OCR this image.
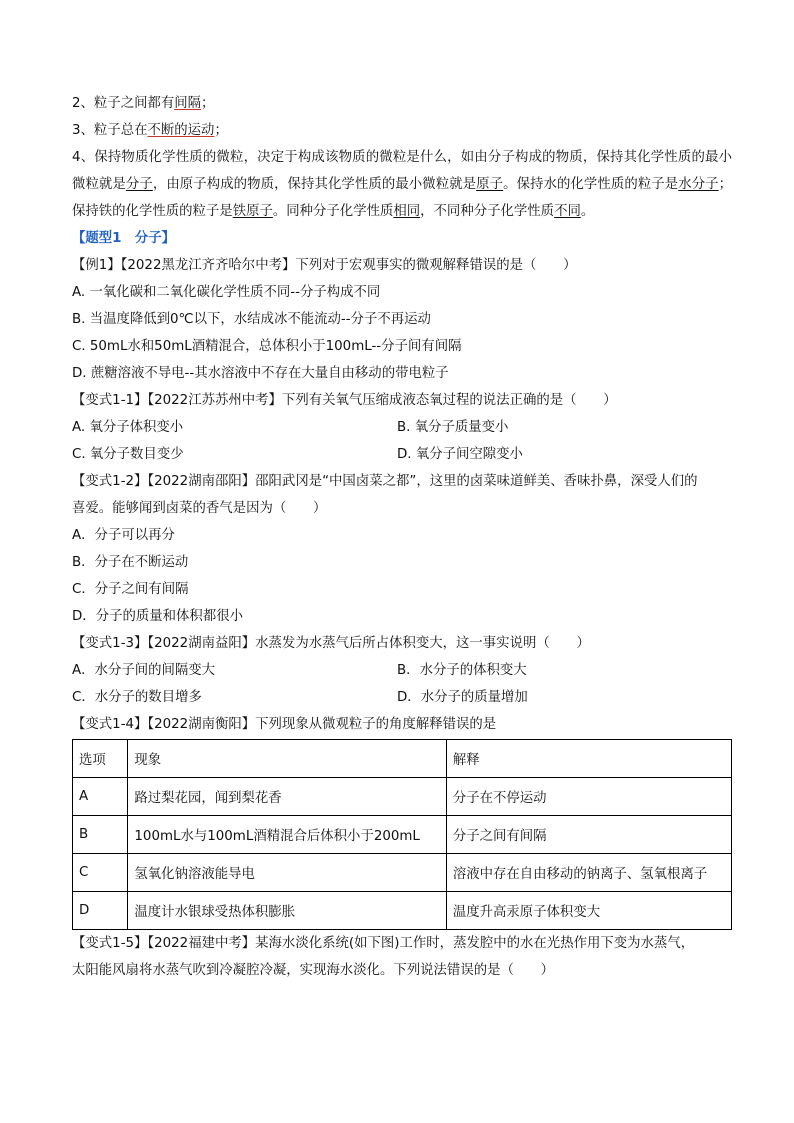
2、粒子之间都有间隔；
3、粒子总在不断的运动；
4、保持物质化学性质的微粒，决定于构成该物质的微粒是什么，如由分子构成的物质，保持其化学性质的最小微粒就是分子，由原子构成的物质，保持其化学性质的最小微粒就是原子。保持水的化学性质的粒子是水分子；保持铁的化学性质的粒子是铁原子。同种分子化学性质相同，不同种分子化学性质不同。
【题型1　分子】
【例1】【2022黑龙江齐齐哈尔中考】下列对于宏观事实的微观解释错误的是（　　）
A. 一氧化碳和二氧化碳化学性质不同--分子构成不同
B. 当温度降低到0℃以下，水结成冰不能流动--分子不再运动
C. 50mL水和50mL酒精混合，总体积小于100mL--分子间有间隔
D. 蔗糖溶液不导电--其水溶液中不存在大量自由移动的带电粒子
【变式1-1】【2022江苏苏州中考】下列有关氧气压缩成液态氧过程的说法正确的是（　　）
A. 氧分子体积变小	B. 氧分子质量变小
C. 氧分子数目变少	D. 氧分子间空隙变小
【变式1-2】【2022湖南邵阳】邵阳武冈是“中国卤菜之都”，这里的卤菜味道鲜美、香味扑鼻，深受人们的
喜爱。能够闻到卤菜的香气是因为（　　）
A．分子可以再分
B．分子在不断运动
C．分子之间有间隔
D．分子的质量和体积都很小
【变式1-3】【2022湖南益阳】水蒸发为水蒸气后所占体积变大，这一事实说明（　　）
A．水分子间的间隔变大	B．水分子的体积变大
C．水分子的数目增多	D．水分子的质量增加
【变式1-4】【2022湖南衡阳】下列现象从微观粒子的角度解释错误的是
选项	现象	解释
A	路过梨花园，闻到梨花香	分子在不停运动
B	100mL水与100mL酒精混合后体积小于200mL	分子之间有间隔
C	氢氧化钠溶液能导电	溶液中存在自由移动的钠离子、氢氧根离子
D	温度计水银球受热体积膨胀	温度升高汞原子体积变大
【变式1-5】【2022福建中考】某海水淡化系统(如下图)工作时，蒸发腔中的水在光热作用下变为水蒸气，
太阳能风扇将水蒸气吹到冷凝腔冷凝，实现海水淡化。下列说法错误的是（　　）
